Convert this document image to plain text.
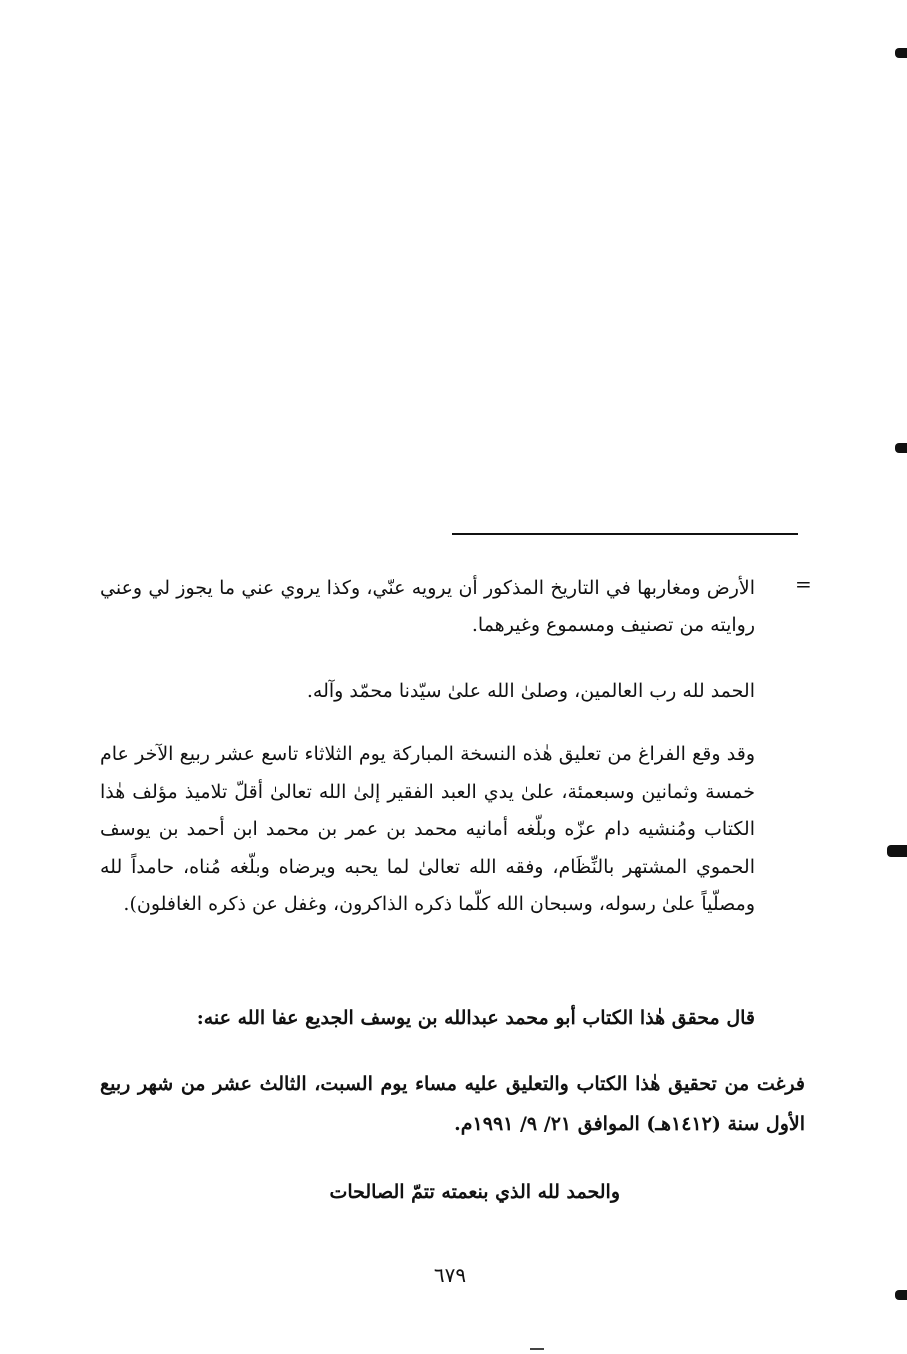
=
الأرض ومغاربها في التاريخ المذكور أن يرويه عنّي، وكذا يروي عني ما يجوز لي وعني روايته من تصنيف ومسموع وغيرهما.
الحمد لله رب العالمين، وصلىٰ الله علىٰ سيّدنا محمّد وآله.
وقد وقع الفراغ من تعليق هٰذه النسخة المباركة يوم الثلاثاء تاسع عشر ربيع الآخر عام خمسة وثمانين وسبعمئة، علىٰ يدي العبد الفقير إلىٰ الله تعالىٰ أقلّ تلاميذ مؤلف هٰذا الكتاب ومُنشيه دام عزّه وبلّغه أمانيه محمد بن عمر بن محمد ابن أحمد بن يوسف الحموي المشتهر بالنِّظَام، وفقه الله تعالىٰ لما يحبه ويرضاه وبلّغه مُناه، حامداً لله ومصلّياً علىٰ رسوله، وسبحان الله كلّما ذكره الذاكرون، وغفل عن ذكره الغافلون).
قال محقق هٰذا الكتاب أبو محمد عبدالله بن يوسف الجديع عفا الله عنه:
فرغت من تحقيق هٰذا الكتاب والتعليق عليه مساء يوم السبت، الثالث عشر من شهر ربيع الأول سنة (١٤١٢هـ) الموافق ٢١/ ٩/ ١٩٩١م.
والحمد لله الذي بنعمته تتمّ الصالحات
٦٧٩
